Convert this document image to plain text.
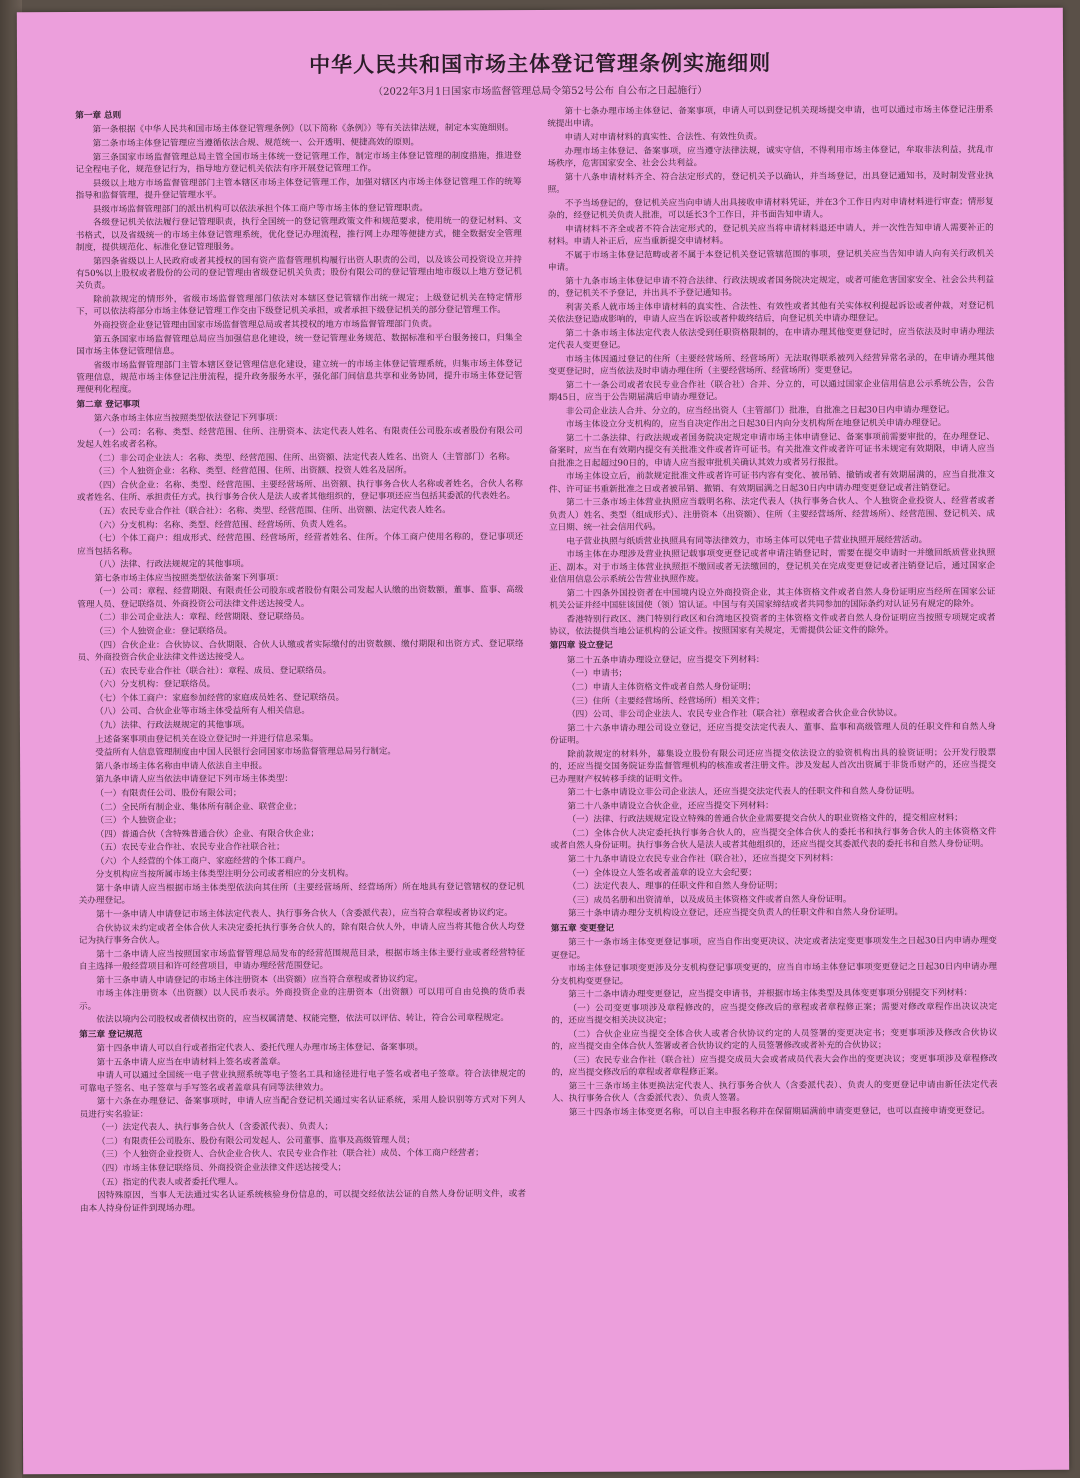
中华人民共和国市场主体登记管理条例实施细则
（2022年3月1日国家市场监督管理总局令第52号公布 自公布之日起施行）

第一章 总则

第一条根据《中华人民共和国市场主体登记管理条例》（以下简称《条例》）等有关法律法规，制定本实施细则。

第二条市场主体登记管理应当遵循依法合规、规范统一、公开透明、便捷高效的原则。

第三条国家市场监督管理总局主管全国市场主体统一登记管理工作，制定市场主体登记管理的制度措施，推进登记全程电子化，规范登记行为，指导地方登记机关依法有序开展登记管理工作。

县级以上地方市场监督管理部门主管本辖区市场主体登记管理工作，加强对辖区内市场主体登记管理工作的统筹指导和监督管理，提升登记管理水平。

县级市场监督管理部门的派出机构可以依法承担个体工商户等市场主体的登记管理职责。

各级登记机关依法履行登记管理职责，执行全国统一的登记管理政策文件和规范要求，使用统一的登记材料、文书格式，以及省级统一的市场主体登记管理系统，优化登记办理流程，推行网上办理等便捷方式，健全数据安全管理制度，提供规范化、标准化登记管理服务。

第四条省级以上人民政府或者其授权的国有资产监督管理机构履行出资人职责的公司，以及该公司投资设立并持有50%以上股权或者股份的公司的登记管理由省级登记机关负责；股份有限公司的登记管理由地市级以上地方登记机关负责。

除前款规定的情形外，省级市场监督管理部门依法对本辖区登记管辖作出统一规定；上级登记机关在特定情形下，可以依法将部分市场主体登记管理工作交由下级登记机关承担，或者承担下级登记机关的部分登记管理工作。

外商投资企业登记管理由国家市场监督管理总局或者其授权的地方市场监督管理部门负责。

第五条国家市场监督管理总局应当加强信息化建设，统一登记管理业务规范、数据标准和平台服务接口，归集全国市场主体登记管理信息。

省级市场监督管理部门主管本辖区登记管理信息化建设，建立统一的市场主体登记管理系统，归集市场主体登记管理信息，规范市场主体登记注册流程，提升政务服务水平，强化部门间信息共享和业务协同，提升市场主体登记管理便利化程度。

第二章 登记事项

第六条市场主体应当按照类型依法登记下列事项：

（一）公司：名称、类型、经营范围、住所、注册资本、法定代表人姓名、有限责任公司股东或者股份有限公司发起人姓名或者名称。

（二）非公司企业法人：名称、类型、经营范围、住所、出资额、法定代表人姓名、出资人（主管部门）名称。

（三）个人独资企业：名称、类型、经营范围、住所、出资额、投资人姓名及居所。

（四）合伙企业：名称、类型、经营范围、主要经营场所、出资额、执行事务合伙人名称或者姓名，合伙人名称或者姓名、住所、承担责任方式。执行事务合伙人是法人或者其他组织的，登记事项还应当包括其委派的代表姓名。

（五）农民专业合作社（联合社）：名称、类型、经营范围、住所、出资额、法定代表人姓名。

（六）分支机构：名称、类型、经营范围、经营场所、负责人姓名。

（七）个体工商户：组成形式、经营范围、经营场所，经营者姓名、住所。个体工商户使用名称的，登记事项还应当包括名称。

（八）法律、行政法规规定的其他事项。

第七条市场主体应当按照类型依法备案下列事项：

（一）公司：章程、经营期限、有限责任公司股东或者股份有限公司发起人认缴的出资数额，董事、监事、高级管理人员、登记联络员、外商投资公司法律文件送达接受人。

（二）非公司企业法人：章程、经营期限、登记联络员。

（三）个人独资企业：登记联络员。

（四）合伙企业：合伙协议、合伙期限、合伙人认缴或者实际缴付的出资数额、缴付期限和出资方式、登记联络员、外商投资合伙企业法律文件送达接受人。

（五）农民专业合作社（联合社）：章程、成员、登记联络员。

（六）分支机构：登记联络员。

（七）个体工商户：家庭参加经营的家庭成员姓名、登记联络员。

（八）公司、合伙企业等市场主体受益所有人相关信息。

（九）法律、行政法规规定的其他事项。

上述备案事项由登记机关在设立登记时一并进行信息采集。

受益所有人信息管理制度由中国人民银行会同国家市场监督管理总局另行制定。

第八条市场主体名称由申请人依法自主申报。

第九条申请人应当依法申请登记下列市场主体类型：

（一）有限责任公司、股份有限公司；

（二）全民所有制企业、集体所有制企业、联营企业；

（三）个人独资企业；

（四）普通合伙（含特殊普通合伙）企业、有限合伙企业；

（五）农民专业合作社、农民专业合作社联合社；

（六）个人经营的个体工商户、家庭经营的个体工商户。

分支机构应当按所属市场主体类型注明分公司或者相应的分支机构。

第十条申请人应当根据市场主体类型依法向其住所（主要经营场所、经营场所）所在地具有登记管辖权的登记机关办理登记。

第十一条申请人申请登记市场主体法定代表人、执行事务合伙人（含委派代表），应当符合章程或者协议约定。

合伙协议未约定或者全体合伙人未决定委托执行事务合伙人的，除有限合伙人外，申请人应当将其他合伙人均登记为执行事务合伙人。

第十二条申请人应当按照国家市场监督管理总局发布的经营范围规范目录，根据市场主体主要行业或者经营特征自主选择一般经营项目和许可经营项目，申请办理经营范围登记。

第十三条申请人申请登记的市场主体注册资本（出资额）应当符合章程或者协议约定。

市场主体注册资本（出资额）以人民币表示。外商投资企业的注册资本（出资额）可以用可自由兑换的货币表示。

依法以境内公司股权或者债权出资的，应当权属清楚、权能完整，依法可以评估、转让，符合公司章程规定。

第三章 登记规范

第十四条申请人可以自行或者指定代表人、委托代理人办理市场主体登记、备案事项。

第十五条申请人应当在申请材料上签名或者盖章。

申请人可以通过全国统一电子营业执照系统等电子签名工具和途径进行电子签名或者电子签章。符合法律规定的可靠电子签名、电子签章与手写签名或者盖章具有同等法律效力。

第十六条在办理登记、备案事项时，申请人应当配合登记机关通过实名认证系统，采用人脸识别等方式对下列人员进行实名验证：

（一）法定代表人、执行事务合伙人（含委派代表）、负责人；

（二）有限责任公司股东、股份有限公司发起人、公司董事、监事及高级管理人员；

（三）个人独资企业投资人、合伙企业合伙人、农民专业合作社（联合社）成员、个体工商户经营者；

（四）市场主体登记联络员、外商投资企业法律文件送达接受人；

（五）指定的代表人或者委托代理人。

因特殊原因，当事人无法通过实名认证系统核验身份信息的，可以提交经依法公证的自然人身份证明文件，或者由本人持身份证件到现场办理。

第十七条办理市场主体登记、备案事项，申请人可以到登记机关现场提交申请，也可以通过市场主体登记注册系统提出申请。

申请人对申请材料的真实性、合法性、有效性负责。

办理市场主体登记、备案事项，应当遵守法律法规，诚实守信，不得利用市场主体登记，牟取非法利益，扰乱市场秩序，危害国家安全、社会公共利益。

第十八条申请材料齐全、符合法定形式的，登记机关予以确认，并当场登记，出具登记通知书，及时制发营业执照。

不予当场登记的，登记机关应当向申请人出具接收申请材料凭证，并在3个工作日内对申请材料进行审查；情形复杂的，经登记机关负责人批准，可以延长3个工作日，并书面告知申请人。

申请材料不齐全或者不符合法定形式的，登记机关应当将申请材料退还申请人，并一次性告知申请人需要补正的材料。申请人补正后，应当重新提交申请材料。

不属于市场主体登记范畴或者不属于本登记机关登记管辖范围的事项，登记机关应当告知申请人向有关行政机关申请。

第十九条市场主体登记申请不符合法律、行政法规或者国务院决定规定，或者可能危害国家安全、社会公共利益的，登记机关不予登记，并出具不予登记通知书。

利害关系人就市场主体申请材料的真实性、合法性、有效性或者其他有关实体权利提起诉讼或者仲裁，对登记机关依法登记造成影响的，申请人应当在诉讼或者仲裁终结后，向登记机关申请办理登记。

第二十条市场主体法定代表人依法受到任职资格限制的，在申请办理其他变更登记时，应当依法及时申请办理法定代表人变更登记。

市场主体因通过登记的住所（主要经营场所、经营场所）无法取得联系被列入经营异常名录的，在申请办理其他变更登记时，应当依法及时申请办理住所（主要经营场所、经营场所）变更登记。

第二十一条公司或者农民专业合作社（联合社）合并、分立的，可以通过国家企业信用信息公示系统公告，公告期45日，应当于公告期届满后申请办理登记。

非公司企业法人合并、分立的，应当经出资人（主管部门）批准，自批准之日起30日内申请办理登记。

市场主体设立分支机构的，应当自决定作出之日起30日内向分支机构所在地登记机关申请办理登记。

第二十二条法律、行政法规或者国务院决定规定申请市场主体申请登记、备案事项前需要审批的，在办理登记、备案时，应当在有效期内提交有关批准文件或者许可证书。有关批准文件或者许可证书未规定有效期限，申请人应当自批准之日起超过90日的，申请人应当报审批机关确认其效力或者另行报批。

市场主体设立后，前款规定批准文件或者许可证书内容有变化、被吊销、撤销或者有效期届满的，应当自批准文件、许可证书重新批准之日或者被吊销、撤销、有效期届满之日起30日内申请办理变更登记或者注销登记。

第二十三条市场主体营业执照应当载明名称、法定代表人（执行事务合伙人、个人独资企业投资人、经营者或者负责人）姓名、类型（组成形式）、注册资本（出资额）、住所（主要经营场所、经营场所）、经营范围、登记机关、成立日期、统一社会信用代码。

电子营业执照与纸质营业执照具有同等法律效力，市场主体可以凭电子营业执照开展经营活动。

市场主体在办理涉及营业执照记载事项变更登记或者申请注销登记时，需要在提交申请时一并缴回纸质营业执照正、副本。对于市场主体营业执照拒不缴回或者无法缴回的，登记机关在完成变更登记或者注销登记后，通过国家企业信用信息公示系统公告营业执照作废。

第二十四条外国投资者在中国境内设立外商投资企业，其主体资格文件或者自然人身份证明应当经所在国家公证机关公证并经中国驻该国使（领）馆认证。中国与有关国家缔结或者共同参加的国际条约对认证另有规定的除外。

香港特别行政区、澳门特别行政区和台湾地区投资者的主体资格文件或者自然人身份证明应当按照专项规定或者协议，依法提供当地公证机构的公证文件。按照国家有关规定，无需提供公证文件的除外。

第四章 设立登记

第二十五条申请办理设立登记，应当提交下列材料：

（一）申请书；

（二）申请人主体资格文件或者自然人身份证明；

（三）住所（主要经营场所、经营场所）相关文件；

（四）公司、非公司企业法人、农民专业合作社（联合社）章程或者合伙企业合伙协议。

第二十六条申请办理公司设立登记，还应当提交法定代表人、董事、监事和高级管理人员的任职文件和自然人身份证明。

除前款规定的材料外，募集设立股份有限公司还应当提交依法设立的验资机构出具的验资证明；公开发行股票的，还应当提交国务院证券监督管理机构的核准或者注册文件。涉及发起人首次出资属于非货币财产的，还应当提交已办理财产权转移手续的证明文件。

第二十七条申请设立非公司企业法人，还应当提交法定代表人的任职文件和自然人身份证明。

第二十八条申请设立合伙企业，还应当提交下列材料：

（一）法律、行政法规规定设立特殊的普通合伙企业需要提交合伙人的职业资格文件的，提交相应材料；

（二）全体合伙人决定委托执行事务合伙人的，应当提交全体合伙人的委托书和执行事务合伙人的主体资格文件或者自然人身份证明。执行事务合伙人是法人或者其他组织的，还应当提交其委派代表的委托书和自然人身份证明。

第二十九条申请设立农民专业合作社（联合社），还应当提交下列材料：

（一）全体设立人签名或者盖章的设立大会纪要；

（二）法定代表人、理事的任职文件和自然人身份证明；

（三）成员名册和出资清单，以及成员主体资格文件或者自然人身份证明。

第三十条申请办理分支机构设立登记，还应当提交负责人的任职文件和自然人身份证明。

第五章 变更登记

第三十一条市场主体变更登记事项，应当自作出变更决议、决定或者法定变更事项发生之日起30日内申请办理变更登记。

市场主体登记事项变更涉及分支机构登记事项变更的，应当自市场主体登记事项变更登记之日起30日内申请办理分支机构变更登记。

第三十二条申请办理变更登记，应当提交申请书，并根据市场主体类型及具体变更事项分别提交下列材料：

（一）公司变更事项涉及章程修改的，应当提交修改后的章程或者章程修正案；需要对修改章程作出决议决定的，还应当提交相关决议决定；

（二）合伙企业应当提交全体合伙人或者合伙协议约定的人员签署的变更决定书；变更事项涉及修改合伙协议的，应当提交由全体合伙人签署或者合伙协议约定的人员签署修改或者补充的合伙协议；

（三）农民专业合作社（联合社）应当提交成员大会或者成员代表大会作出的变更决议；变更事项涉及章程修改的，应当提交修改后的章程或者章程修正案。

第三十三条市场主体更换法定代表人、执行事务合伙人（含委派代表）、负责人的变更登记申请由新任法定代表人、执行事务合伙人（含委派代表）、负责人签署。

第三十四条市场主体变更名称，可以自主申报名称并在保留期届满前申请变更登记，也可以直接申请变更登记。
